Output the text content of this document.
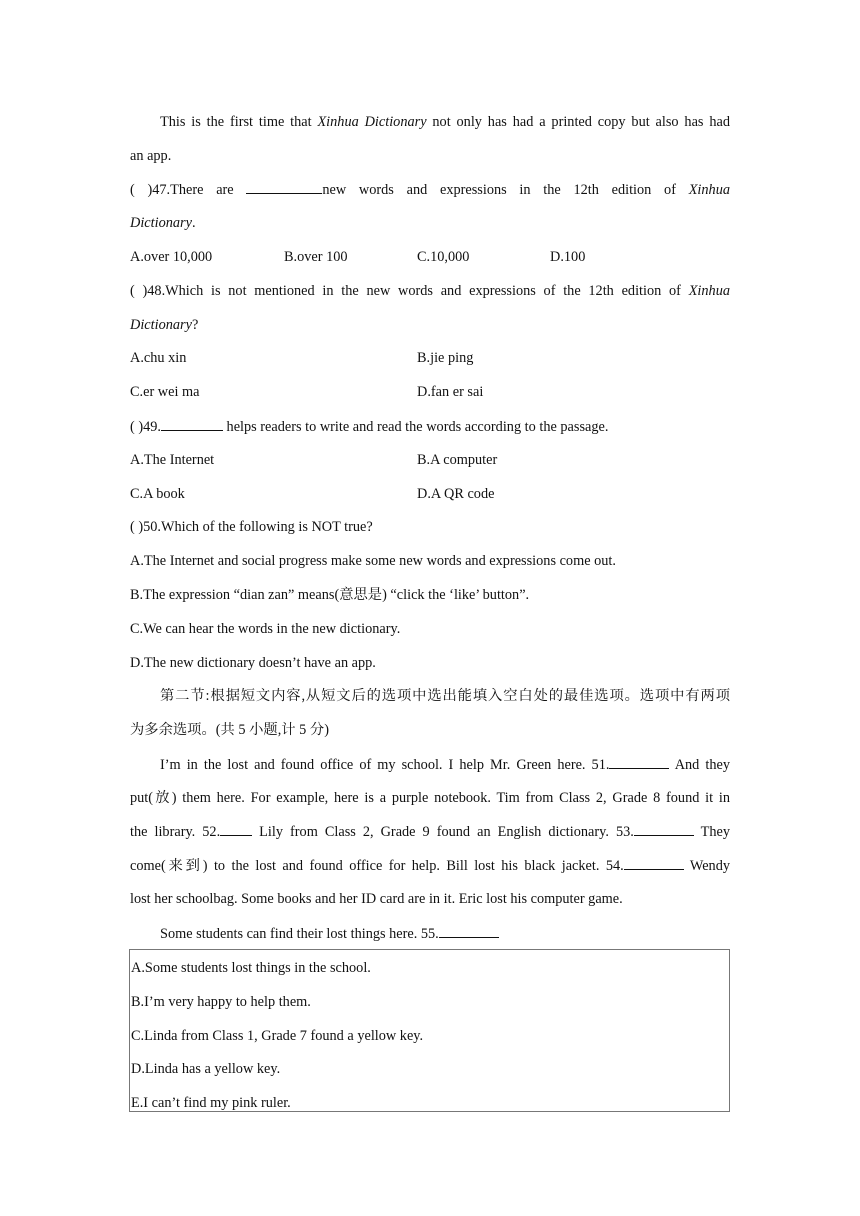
This is the first time that Xinhua Dictionary not only has had a printed copy but also has had
an app.
( )47.There are	new words and expressions in the 12th edition of Xinhua
Dictionary.
A.over 10,000	B.over 100	C.10,000	D.100
( )48.Which is not mentioned in the new words and expressions of the 12th edition of Xinhua
Dictionary?
A.chu xin	B.jie ping
C.er wei ma	D.fan er sai
( )49.	helps readers to write and read the words according to the passage.
A.The Internet	B.A computer
C.A book	D.A QR code
( )50.Which of the following is NOT true?
A.The Internet and social progress make some new words and expressions come out.
B.The expression “dian zan” means(意思是) “click the ‘like’ button”.
C.We can hear the words in the new dictionary.
D.The new dictionary doesn’t have an app.
第二节:根据短文内容,从短文后的选项中选出能填入空白处的最佳选项。选项中有两项
为多余选项。(共 5 小题,计 5 分)
I’m in the lost and found office of my school. I help Mr. Green here. 51.	And they
put(放) them here. For example, here is a purple notebook. Tim from Class 2, Grade 8 found it in
the library. 52. Lily from Class 2, Grade 9 found an English dictionary. 53.	They
come(来到) to the lost and found office for help. Bill lost his black jacket. 54.	Wendy
lost her schoolbag. Some books and her ID card are in it. Eric lost his computer game.
Some students can find their lost things here. 55.
A.Some students lost things in the school.
B.I’m very happy to help them.
C.Linda from Class 1, Grade 7 found a yellow key.
D.Linda has a yellow key.
E.I can’t find my pink ruler.
